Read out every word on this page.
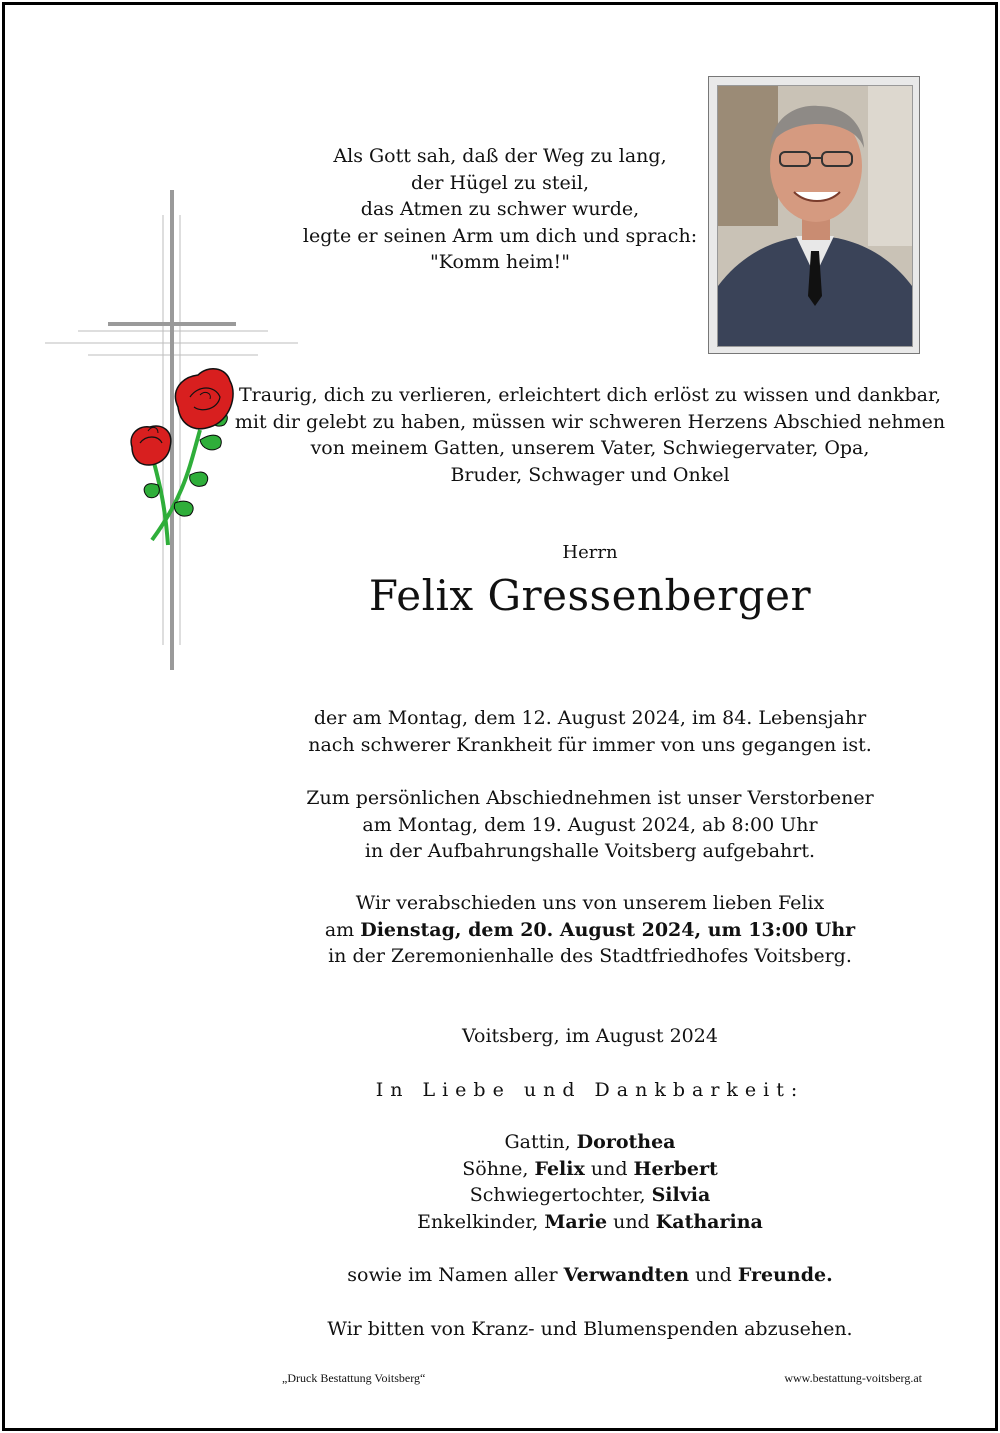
Als Gott sah, daß der Weg zu lang,
der Hügel zu steil,
das Atmen zu schwer wurde,
legte er seinen Arm um dich und sprach:
"Komm heim!"
Traurig, dich zu verlieren, erleichtert dich erlöst zu wissen und dankbar,
mit dir gelebt zu haben, müssen wir schweren Herzens Abschied nehmen
von meinem Gatten, unserem Vater, Schwiegervater, Opa,
Bruder, Schwager und Onkel
Herrn
Felix Gressenberger
der am Montag, dem 12. August 2024, im 84. Lebensjahr
nach schwerer Krankheit für immer von uns gegangen ist.
Zum persönlichen Abschiednehmen ist unser Verstorbener
am Montag, dem 19. August 2024, ab 8:00 Uhr
in der Aufbahrungshalle Voitsberg aufgebahrt.
Wir verabschieden uns von unserem lieben Felix
am Dienstag, dem 20. August 2024, um 13:00 Uhr
in der Zeremonienhalle des Stadtfriedhofes Voitsberg.
Voitsberg, im August 2024
In Liebe und Dankbarkeit:
Gattin, Dorothea
Söhne, Felix und Herbert
Schwiegertochter, Silvia
Enkelkinder, Marie und Katharina
sowie im Namen aller Verwandten und Freunde.
Wir bitten von Kranz- und Blumenspenden abzusehen.
„Druck Bestattung Voitsberg“	www.bestattung-voitsberg.at
